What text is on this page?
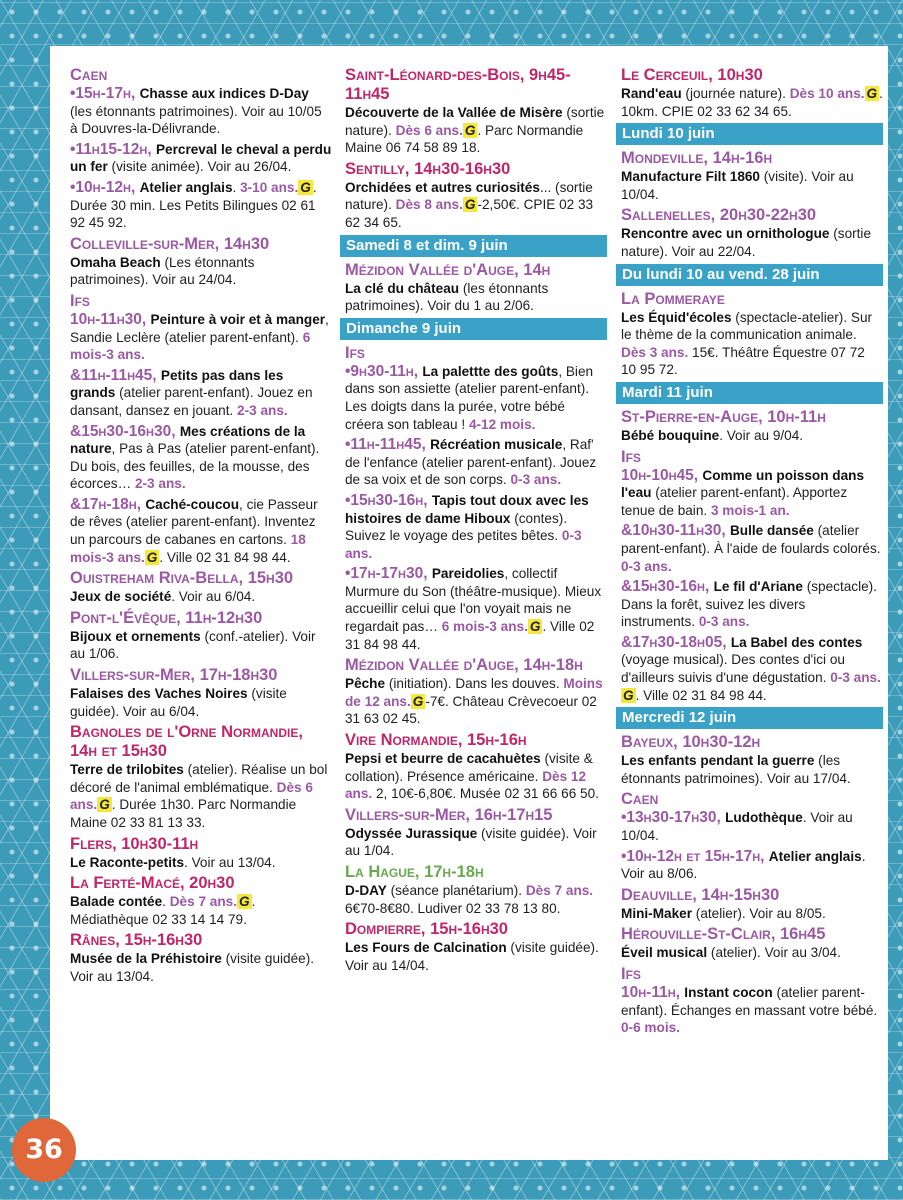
Caen
•15h-17h, Chasse aux indices D-Day (les étonnants patrimoines). Voir au 10/05 à Douvres-la-Délivrande.
•11h15-12h, Percreval le cheval a perdu un fer (visite animée). Voir au 26/04.
•10h-12h, Atelier anglais. 3-10 ans. G . Durée 30 min. Les Petits Bilingues 02 61 92 45 92.
Colleville-sur-Mer, 14h30
Omaha Beach (Les étonnants patrimoines). Voir au 24/04.
Ifs
10h-11h30, Peinture à voir et à manger, Sandie Leclère (atelier parent-enfant). 6 mois-3 ans.
&11h-11h45, Petits pas dans les grands (atelier parent-enfant). Jouez en dansant, dansez en jouant. 2-3 ans.
&15h30-16h30, Mes créations de la nature, Pas à Pas (atelier parent-enfant). Du bois, des feuilles, de la mousse, des écorces… 2-3 ans.
&17h-18h, Caché-coucou, cie Passeur de rêves (atelier parent-enfant). Inventez un parcours de cabanes en cartons. 18 mois-3 ans. G . Ville 02 31 84 98 44.
Ouistreham Riva-Bella, 15h30
Jeux de société. Voir au 6/04.
Pont-l'Évêque, 11h-12h30
Bijoux et ornements (conf.-atelier). Voir au 1/06.
Villers-sur-Mer, 17h-18h30
Falaises des Vaches Noires (visite guidée). Voir au 6/04.
Bagnoles de l'Orne Normandie, 14h et 15h30
Terre de trilobites (atelier). Réalise un bol décoré de l'animal emblématique. Dès 6 ans. G . Durée 1h30. Parc Normandie Maine 02 33 81 13 33.
Flers, 10h30-11h
Le Raconte-petits. Voir au 13/04.
La Ferté-Macé, 20h30
Balade contée. Dès 7 ans. G . Médiathèque 02 33 14 14 79.
Rânes, 15h-16h30
Musée de la Préhistoire (visite guidée). Voir au 13/04.
Saint-Léonard-des-Bois, 9h45-11h45
Découverte de la Vallée de Misère (sortie nature). Dès 6 ans. G . Parc Normandie Maine 06 74 58 89 18.
Sentilly, 14h30-16h30
Orchidées et autres curiosités... (sortie nature). Dès 8 ans. G -2,50€. CPIE 02 33 62 34 65.
Samedi 8 et dim. 9 juin
Mézidon Vallée d'Auge, 14h
La clé du château (les étonnants patrimoines). Voir du 1 au 2/06.
Dimanche 9 juin
Ifs
•9h30-11h, La palettte des goûts, Bien dans son assiette (atelier parent-enfant). Les doigts dans la purée, votre bébé créera son tableau ! 4-12 mois.
•11h-11h45, Récréation musicale, Raf' de l'enfance (atelier parent-enfant). Jouez de sa voix et de son corps. 0-3 ans.
•15h30-16h, Tapis tout doux avec les histoires de dame Hiboux (contes). Suivez le voyage des petites bêtes. 0-3 ans.
•17h-17h30, Pareidolies, collectif Murmure du Son (théâtre-musique). Mieux accueillir celui que l'on voyait mais ne regardait pas… 6 mois-3 ans. G . Ville 02 31 84 98 44.
Mézidon Vallée d'Auge, 14h-18h
Pêche (initiation). Dans les douves. Moins de 12 ans. G -7€. Château Crèvecoeur 02 31 63 02 45.
Vire Normandie, 15h-16h
Pepsi et beurre de cacahuètes (visite & collation). Présence américaine. Dès 12 ans. 2, 10€-6,80€. Musée 02 31 66 66 50.
Villers-sur-Mer, 16h-17h15
Odyssée Jurassique (visite guidée). Voir au 1/04.
La Hague, 17h-18h
D-DAY (séance planétarium). Dès 7 ans. 6€70-8€80. Ludiver 02 33 78 13 80.
Dompierre, 15h-16h30
Les Fours de Calcination (visite guidée). Voir au 14/04.
Le Cerceuil, 10h30
Rand'eau (journée nature). Dès 10 ans. G . 10km. CPIE 02 33 62 34 65.
Lundi 10 juin
Mondeville, 14h-16h
Manufacture Filt 1860 (visite). Voir au 10/04.
Sallenelles, 20h30-22h30
Rencontre avec un ornithologue (sortie nature). Voir au 22/04.
Du lundi 10 au vend. 28 juin
La Pommeraye
Les Équid'écoles (spectacle-atelier). Sur le thème de la communication animale. Dès 3 ans. 15€. Théâtre Équestre 07 72 10 95 72.
Mardi 11 juin
St-Pierre-en-Auge, 10h-11h
Bébé bouquine. Voir au 9/04.
Ifs
10h-10h45, Comme un poisson dans l'eau (atelier parent-enfant). Apportez tenue de bain. 3 mois-1 an.
&10h30-11h30, Bulle dansée (atelier parent-enfant). À l'aide de foulards colorés. 0-3 ans.
&15h30-16h, Le fil d'Ariane (spectacle). Dans la forêt, suivez les divers instruments. 0-3 ans.
&17h30-18h05, La Babel des contes (voyage musical). Des contes d'ici ou d'ailleurs suivis d'une dégustation. 0-3 ans.G . Ville 02 31 84 98 44.
Mercredi 12 juin
Bayeux, 10h30-12h
Les enfants pendant la guerre (les étonnants patrimoines). Voir au 17/04.
Caen
•13h30-17h30, Ludothèque. Voir au 10/04.
•10h-12h et 15h-17h, Atelier anglais. Voir au 8/06.
Deauville, 14h-15h30
Mini-Maker (atelier). Voir au 8/05.
Hérouville-St-Clair, 16h45
Éveil musical (atelier). Voir au 3/04.
Ifs
10h-11h, Instant cocon (atelier parent-enfant). Échanges en massant votre bébé. 0-6 mois.
36
